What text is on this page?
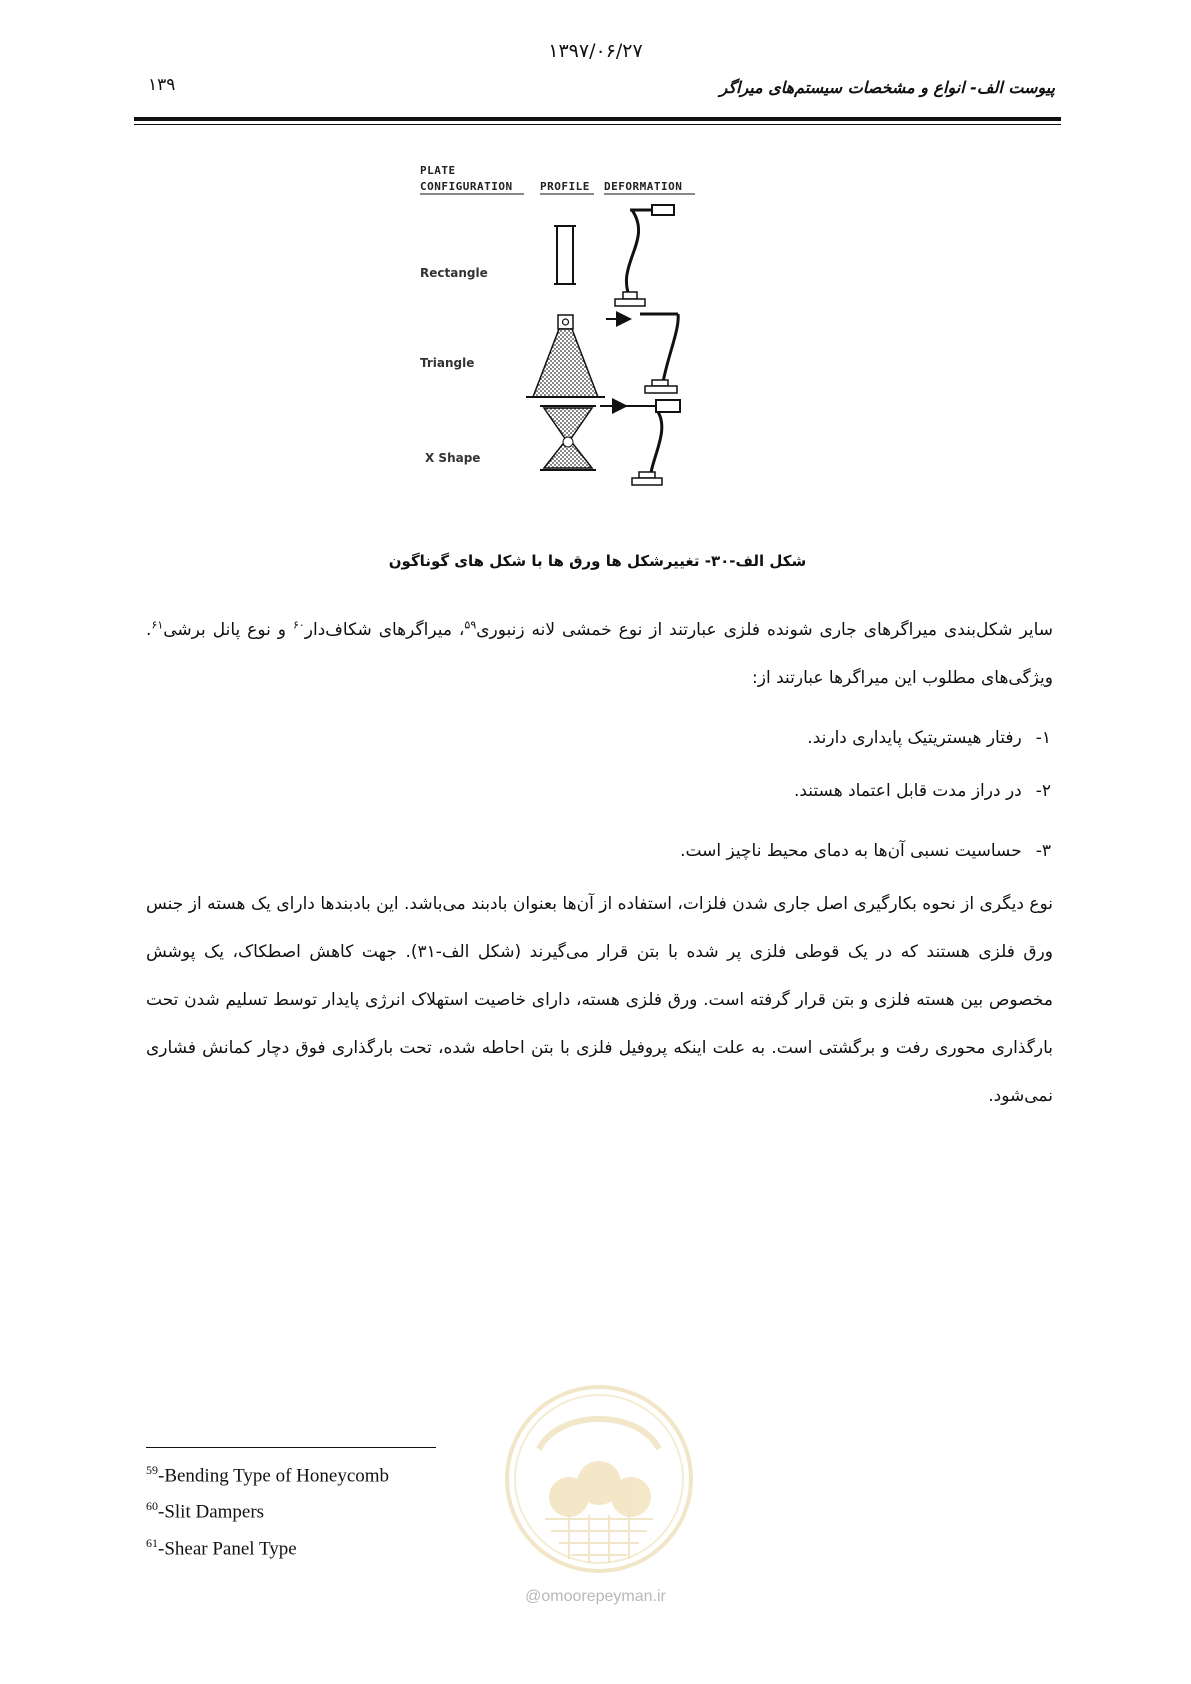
۱۳۹۷/۰۶/۲۷
۱۳۹	پیوست الف- انواع و مشخصات سیستم‌های میراگر
PLATE
CONFIGURATION PROFILE DEFORMATION
Rectangle
Triangle
X Shape
شکل الف-۳۰- تغییرشکل ها ورق ها با شکل های گوناگون
سایر شکل‌بندی میراگرهای جاری شونده فلزی عبارتند از نوع خمشی لانه زنبوری$^{۵۹}$، میراگرهای شکاف‌دار$^{۶۰}$ و نوع پانل برشی$^{۶۱}$. ویژگی‌های مطلوب این میراگرها عبارتند از:
۱-رفتار هیستریتیک پایداری دارند.
۲-در دراز مدت قابل اعتماد هستند.
۳-حساسیت نسبی آن‌ها به دمای محیط ناچیز است.
نوع دیگری از نحوه بکارگیری اصل جاری شدن فلزات، استفاده از آن‌ها بعنوان بادبند می‌باشد. این بادبندها دارای یک هسته از جنس ورق فلزی هستند که در یک قوطی فلزی پر شده با بتن قرار می‌گیرند (شکل الف-۳۱). جهت کاهش اصطکاک، یک پوشش مخصوص بین هسته فلزی و بتن قرار گرفته است. ورق فلزی هسته، دارای خاصیت استهلاک انرژی پایدار توسط تسلیم شدن تحت بارگذاری محوری رفت و برگشتی است. به علت اینکه پروفیل فلزی با بتن احاطه شده، تحت بارگذاری فوق دچار کمانش فشاری نمی‌شود.
$^{59}$-Bending Type of Honeycomb
$^{60}$-Slit Dampers
$^{61}$-Shear Panel Type
@omoorepeyman.ir
